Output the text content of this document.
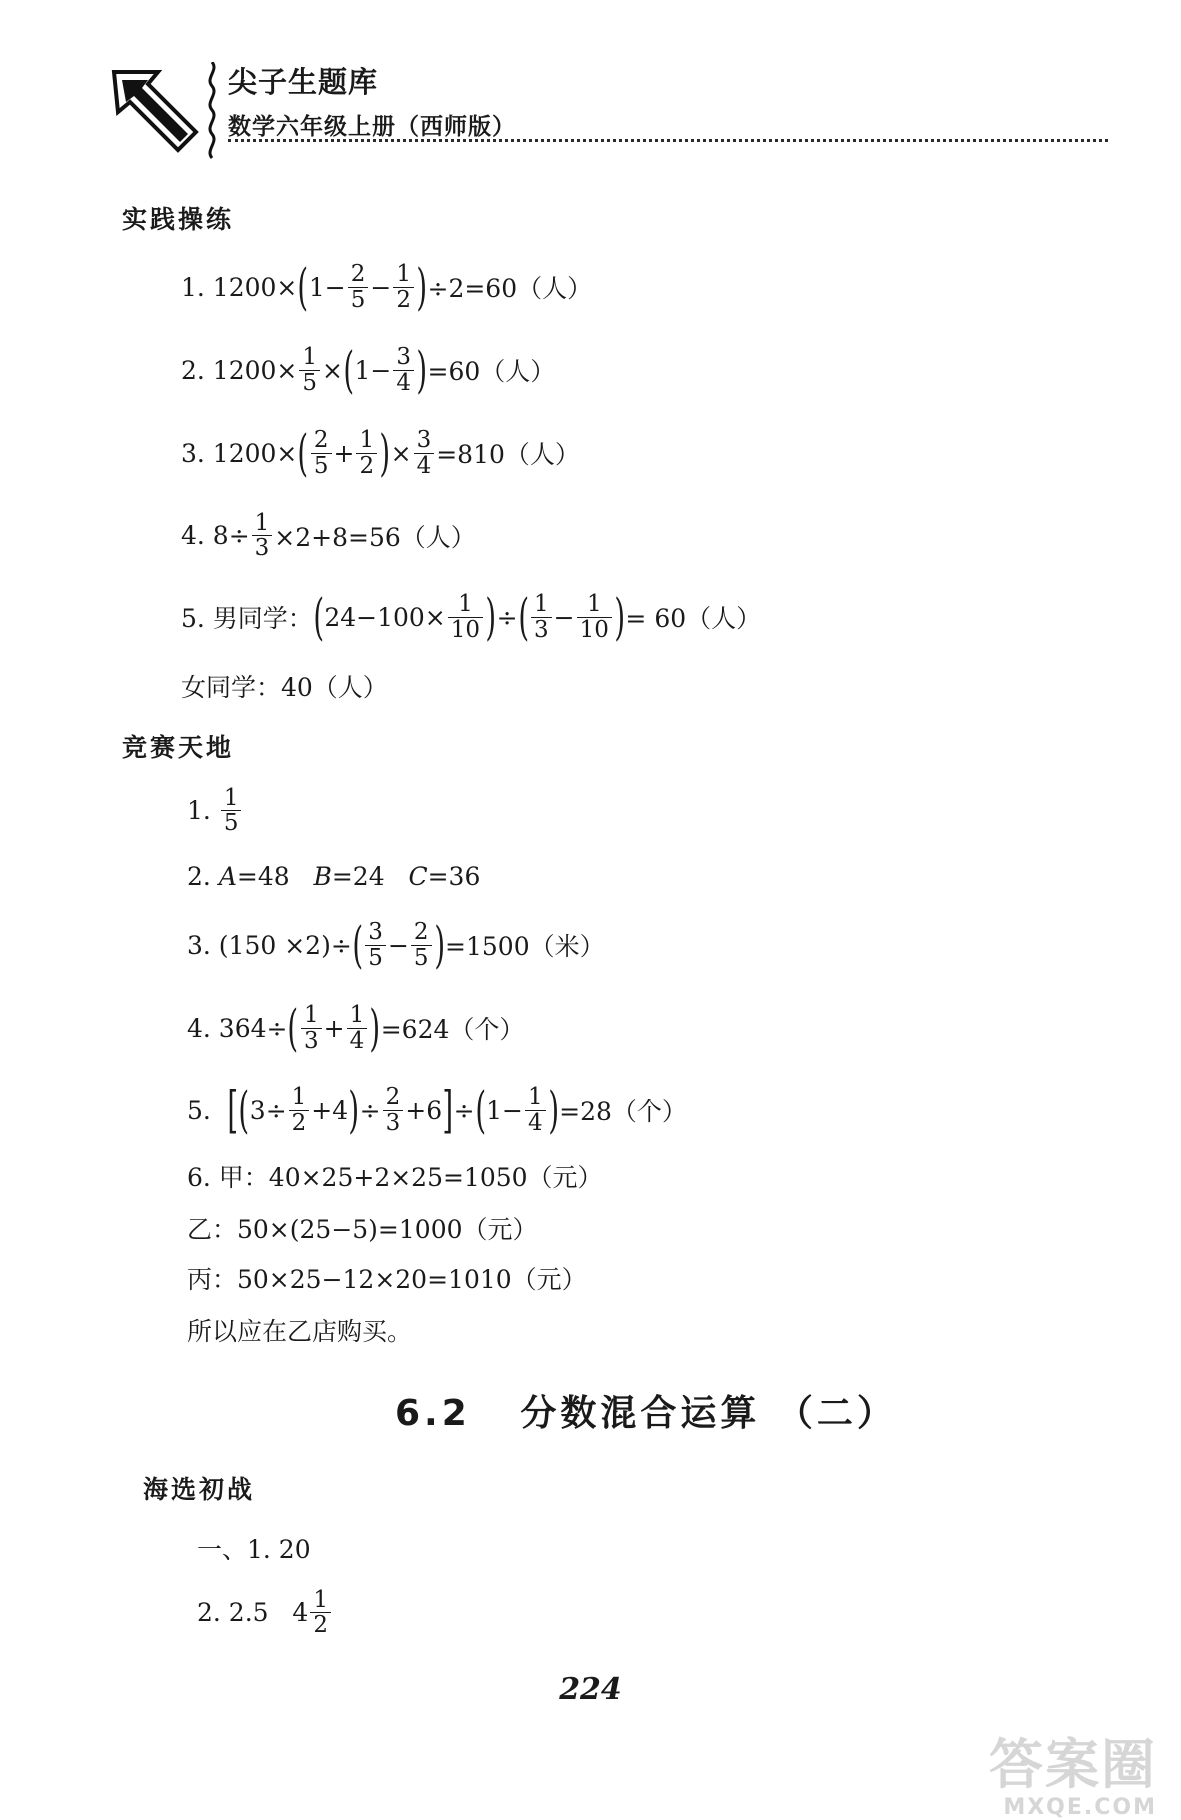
尖子生题库
数学六年级上册（西师版）
实践操练
1. 1200× ( $1- \frac{2}{5} - \frac{1}{2}$ ) ÷2=60（人）
2. $1200\times \frac{1}{5}$ × ( $1- \frac{3}{4}$ ) =60（人）
3. 1200× ( $\frac{2}{5} + \frac{1}{2}$ ) × $\frac{3}{4} =810$（人）
4. $8\div \frac{1}{3} \times 2+8=56$（人）
5. 男同学： ( $24-100\times \frac{1}{10}$ ) ÷ ( $\frac{1}{3} - \frac{1}{10}$ ) = 60（人）
女同学：40（人）
竞赛天地
1.
$\frac{1}{5}$
2.
A =48
B =24
C =36
3. (150 ×2)÷ ( $\frac{3}{5} - \frac{2}{5}$ ) =1500（米）
4. 364÷ ( $\frac{1}{3} + \frac{1}{4}$ ) =624（个）
5.
[ ( $3\div \frac{1}{2} +4$ ) ÷ $\frac{2}{3} +6$ ] ÷ ( $1- \frac{1}{4}$ ) =28（个）
6. 甲：40×25+2×25=1050（元）
乙：50×(25−5)=1000（元）
丙：50×25−12×20=1010（元）
所以应在乙店购买。
6.2 分数混合运算 （二）
海选初战
一、1. 20
2. 2.5
$4 \frac{1}{2}$
224
答案圈
MXQE.COM
